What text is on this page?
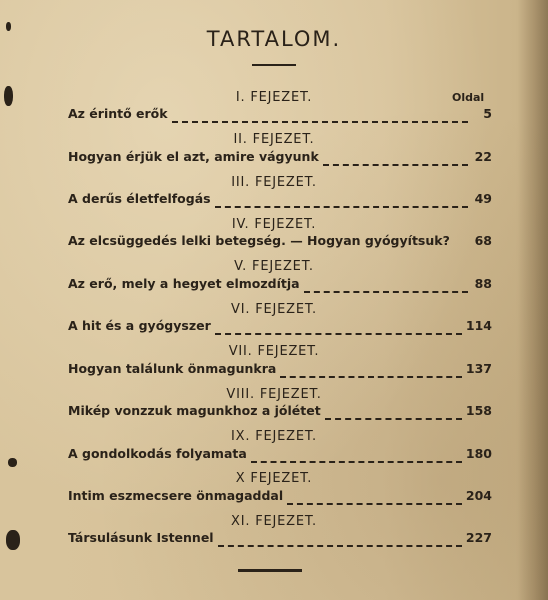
TARTALOM.
Oldal
I. FEJEZET.
Az érintő erők	5
II. FEJEZET.
Hogyan érjük el azt, amire vágyunk	22
III. FEJEZET.
A derűs életfelfogás	49
IV. FEJEZET.
Az elcsüggedés lelki betegség. — Hogyan gyógyítsuk? 68
V. FEJEZET.
Az erő, mely a hegyet elmozdítja	88
VI. FEJEZET.
A hit és a gyógyszer	114
VII. FEJEZET.
Hogyan találunk önmagunkra	137
VIII. FEJEZET.
Mikép vonzzuk magunkhoz a jólétet	158
IX. FEJEZET.
A gondolkodás folyamata	180
X FEJEZET.
Intim eszmecsere önmagaddal	204
XI. FEJEZET.
Társulásunk Istennel	227
